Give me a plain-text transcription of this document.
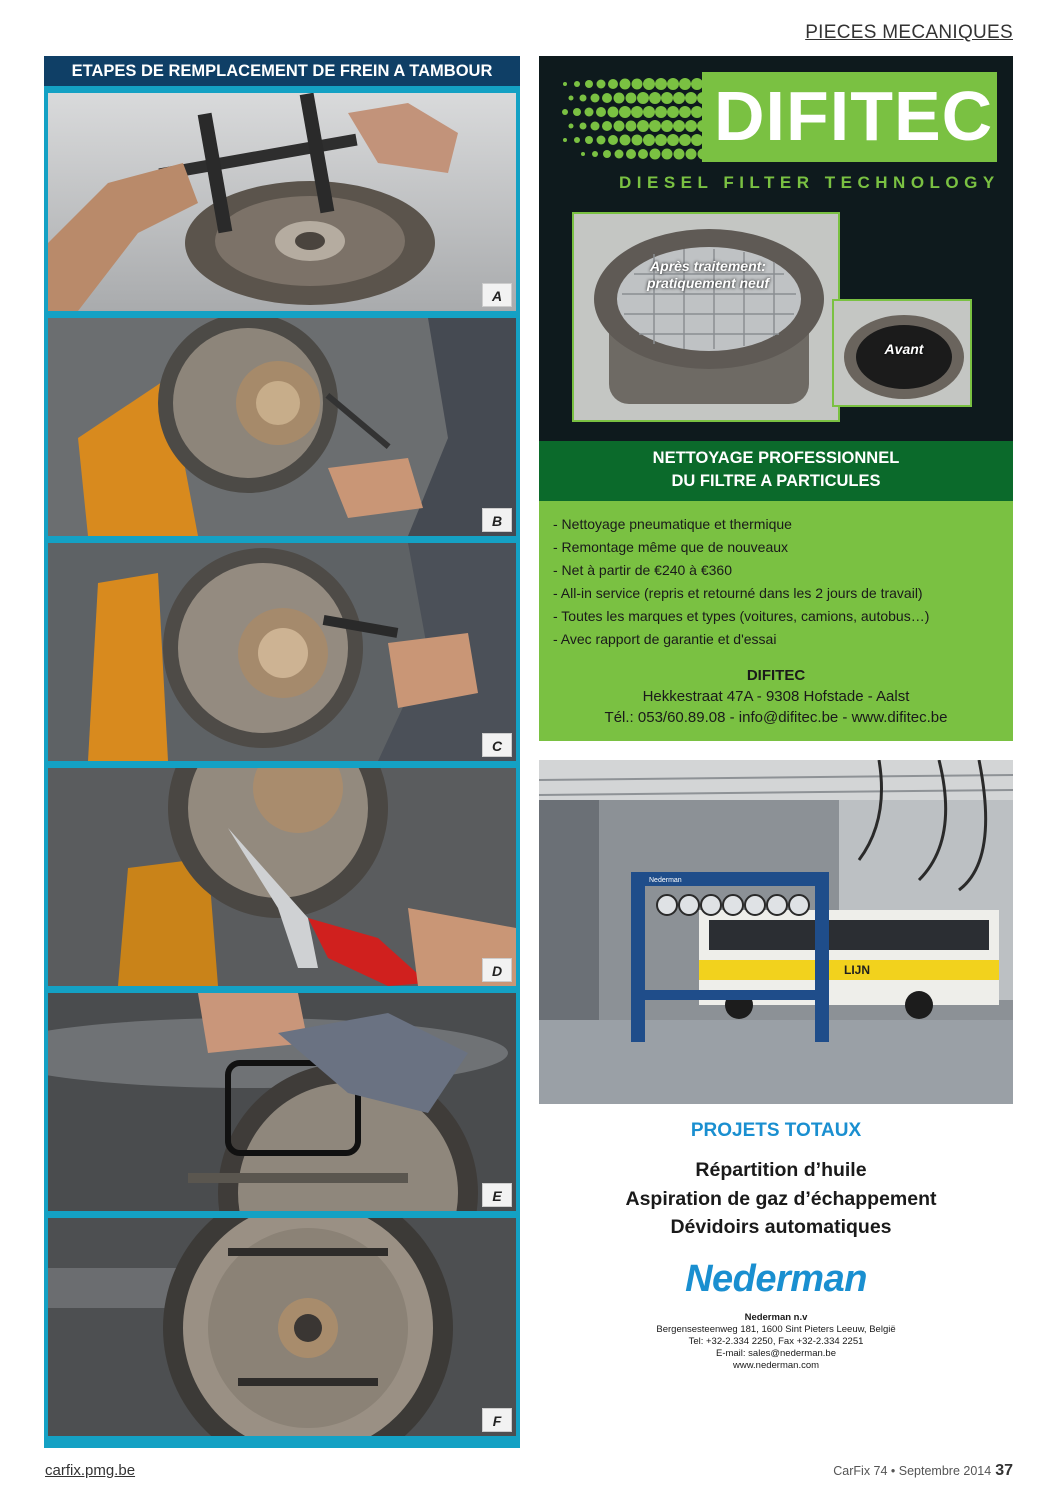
PIECES MECANIQUES
ETAPES DE REMPLACEMENT DE FREIN A TAMBOUR
A
B
C
D
E
F
DIFITEC
DIESEL FILTER TECHNOLOGY
Après traitement:
pratiquement neuf
Avant
NETTOYAGE PROFESSIONNEL
DU FILTRE A PARTICULES
- Nettoyage pneumatique et thermique
- Remontage même que de nouveaux
- Net à partir de €240 à €360
- All-in service (repris et retourné dans les 2 jours de travail)
- Toutes les marques et types (voitures, camions, autobus…)
- Avec rapport de garantie et d'essai
DIFITEC
Hekkestraat 47A - 9308 Hofstade - Aalst
Tél.: 053/60.89.08 - info@difitec.be - www.difitec.be
Nederman
LIJN
PROJETS TOTAUX
Répartition d’huile
Aspiration de gaz d’échappement
Dévidoirs automatiques
Nederman
Nederman n.v
Bergensesteenweg 181, 1600 Sint Pieters Leeuw, België
Tel: +32-2.334 2250, Fax +32-2.334 2251
E-mail: sales@nederman.be
www.nederman.com
carfix.pmg.be	CarFix 74 • Septembre 2014 37
